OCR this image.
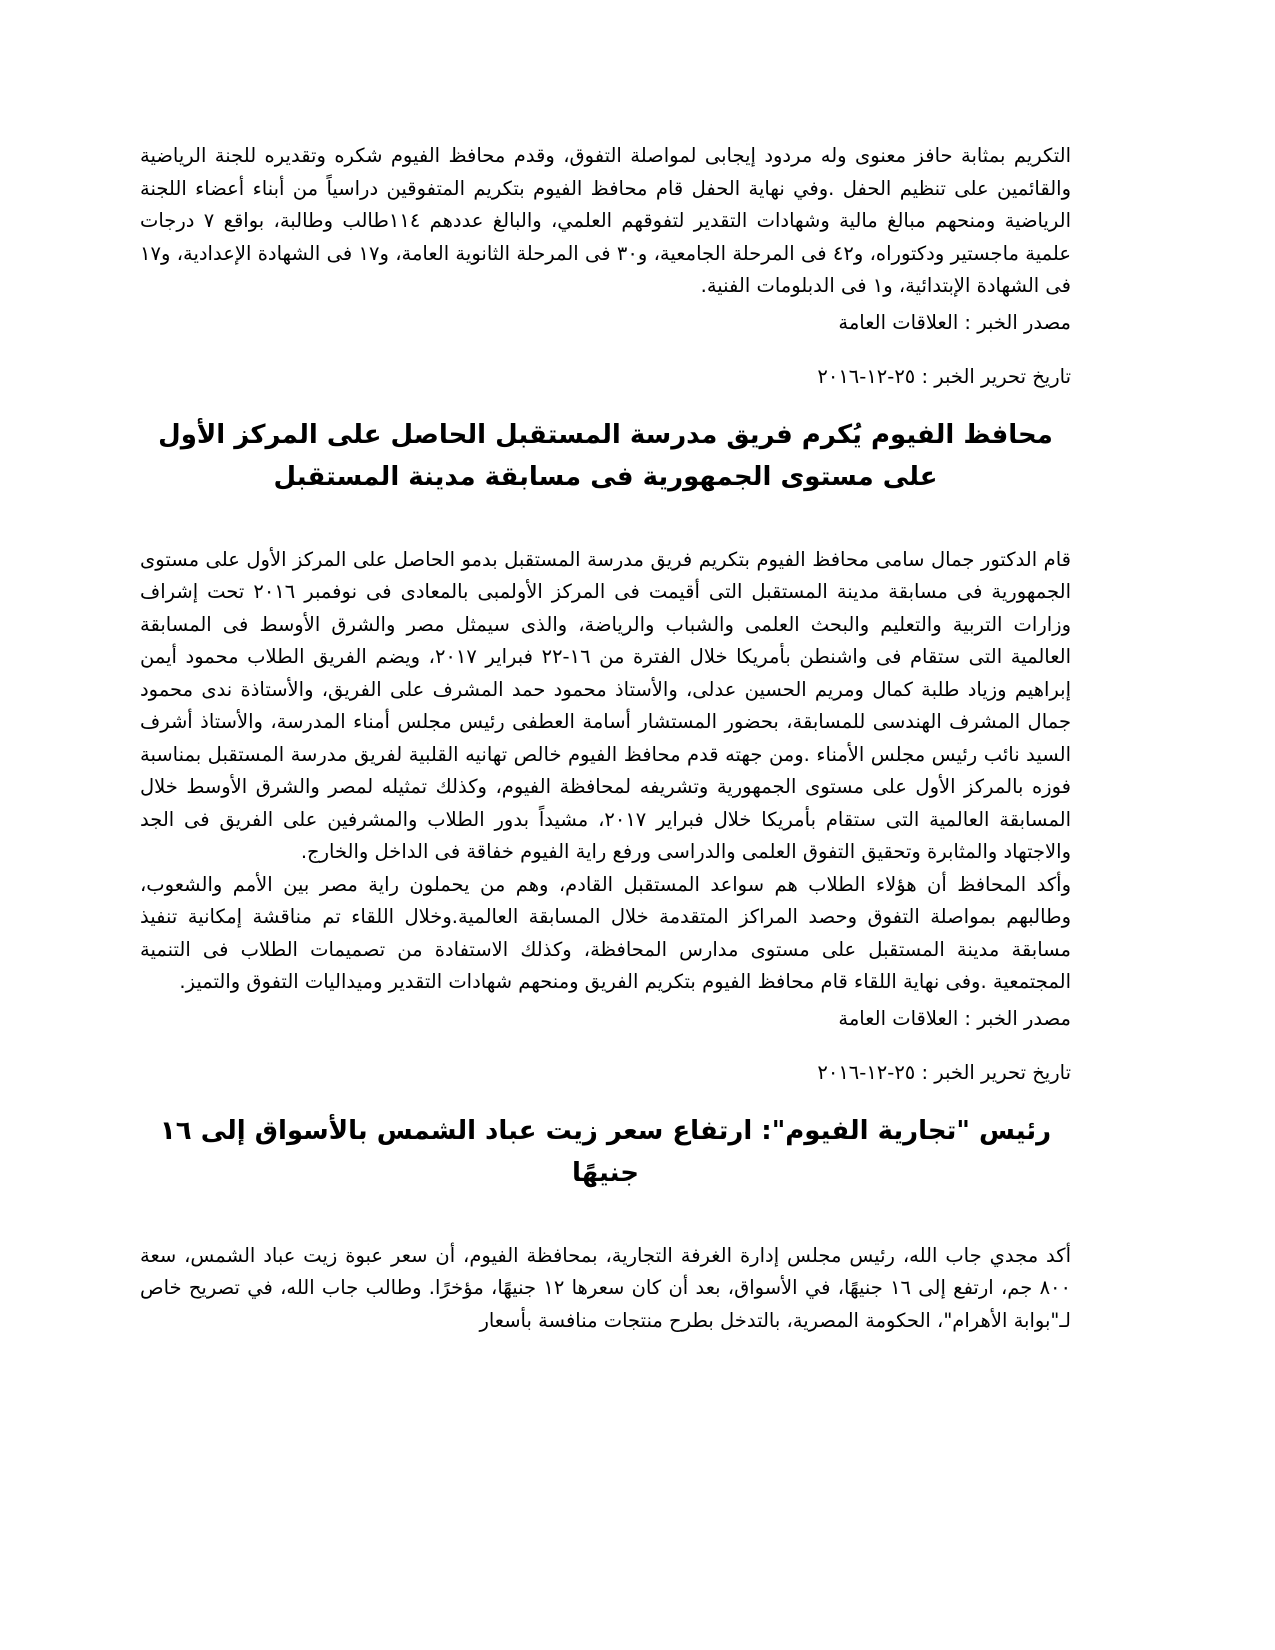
التكريم بمثابة حافز معنوى وله مردود إيجابى لمواصلة التفوق، وقدم محافظ الفيوم شكره وتقديره للجنة الرياضية والقائمين على تنظيم الحفل .وفي نهاية الحفل قام محافظ الفيوم بتكريم المتفوقين دراسياً من أبناء أعضاء اللجنة الرياضية ومنحهم مبالغ مالية وشهادات التقدير لتفوقهم العلمي، والبالغ عددهم ١١٤طالب وطالبة، بواقع ٧ درجات علمية ماجستير ودكتوراه، و٤٢ فى المرحلة الجامعية، و٣٠ فى المرحلة الثانوية العامة، و١٧ فى الشهادة الإعدادية، و١٧ فى الشهادة الإبتدائية، و١ فى الدبلومات الفنية.

مصدر الخبر : العلاقات العامة

تاريخ تحرير الخبر : ٢٥-١٢-٢٠١٦

محافظ الفيوم يُكرم فريق مدرسة المستقبل الحاصل على المركز الأول على مستوى الجمهورية فى مسابقة مدينة المستقبل

قام الدكتور جمال سامى محافظ الفيوم بتكريم فريق مدرسة المستقبل بدمو الحاصل على المركز الأول على مستوى الجمهورية فى مسابقة مدينة المستقبل التى أقيمت فى المركز الأولمبى بالمعادى فى نوفمبر ٢٠١٦ تحت إشراف وزارات التربية والتعليم والبحث العلمى والشباب والرياضة، والذى سيمثل مصر والشرق الأوسط فى المسابقة العالمية التى ستقام فى واشنطن بأمريكا خلال الفترة من ١٦-٢٢ فبراير ٢٠١٧، ويضم الفريق الطلاب محمود أيمن إبراهيم وزياد طلبة كمال ومريم الحسين عدلى، والأستاذ محمود حمد المشرف على الفريق، والأستاذة ندى محمود جمال المشرف الهندسى للمسابقة، بحضور المستشار أسامة العطفى رئيس مجلس أمناء المدرسة، والأستاذ أشرف السيد نائب رئيس مجلس الأمناء .ومن جهته قدم محافظ الفيوم خالص تهانيه القلبية لفريق مدرسة المستقبل بمناسبة فوزه بالمركز الأول على مستوى الجمهورية وتشريفه لمحافظة الفيوم، وكذلك تمثيله لمصر والشرق الأوسط خلال المسابقة العالمية التى ستقام بأمريكا خلال فبراير ٢٠١٧، مشيداً بدور الطلاب والمشرفين على الفريق فى الجد والاجتهاد والمثابرة وتحقيق التفوق العلمى والدراسى ورفع راية الفيوم خفاقة فى الداخل والخارج.

وأكد المحافظ أن هؤلاء الطلاب هم سواعد المستقبل القادم، وهم من يحملون راية مصر بين الأمم والشعوب، وطالبهم بمواصلة التفوق وحصد المراكز المتقدمة خلال المسابقة العالمية.وخلال اللقاء تم مناقشة إمكانية تنفيذ مسابقة مدينة المستقبل على مستوى مدارس المحافظة، وكذلك الاستفادة من تصميمات الطلاب فى التنمية المجتمعية .وفى نهاية اللقاء قام محافظ الفيوم بتكريم الفريق ومنحهم شهادات التقدير وميداليات التفوق والتميز.

مصدر الخبر : العلاقات العامة

تاريخ تحرير الخبر : ٢٥-١٢-٢٠١٦

رئيس "تجارية الفيوم": ارتفاع سعر زيت عباد الشمس بالأسواق إلى ١٦ جنيهًا

أكد مجدي جاب الله، رئيس مجلس إدارة الغرفة التجارية، بمحافظة الفيوم، أن سعر عبوة زيت عباد الشمس، سعة ٨٠٠ جم، ارتفع إلى ١٦ جنيهًا، في الأسواق، بعد أن كان سعرها ١٢ جنيهًا، مؤخرًا. وطالب جاب الله، في تصريح خاص لـ"بوابة الأهرام"، الحكومة المصرية، بالتدخل بطرح منتجات منافسة بأسعار
